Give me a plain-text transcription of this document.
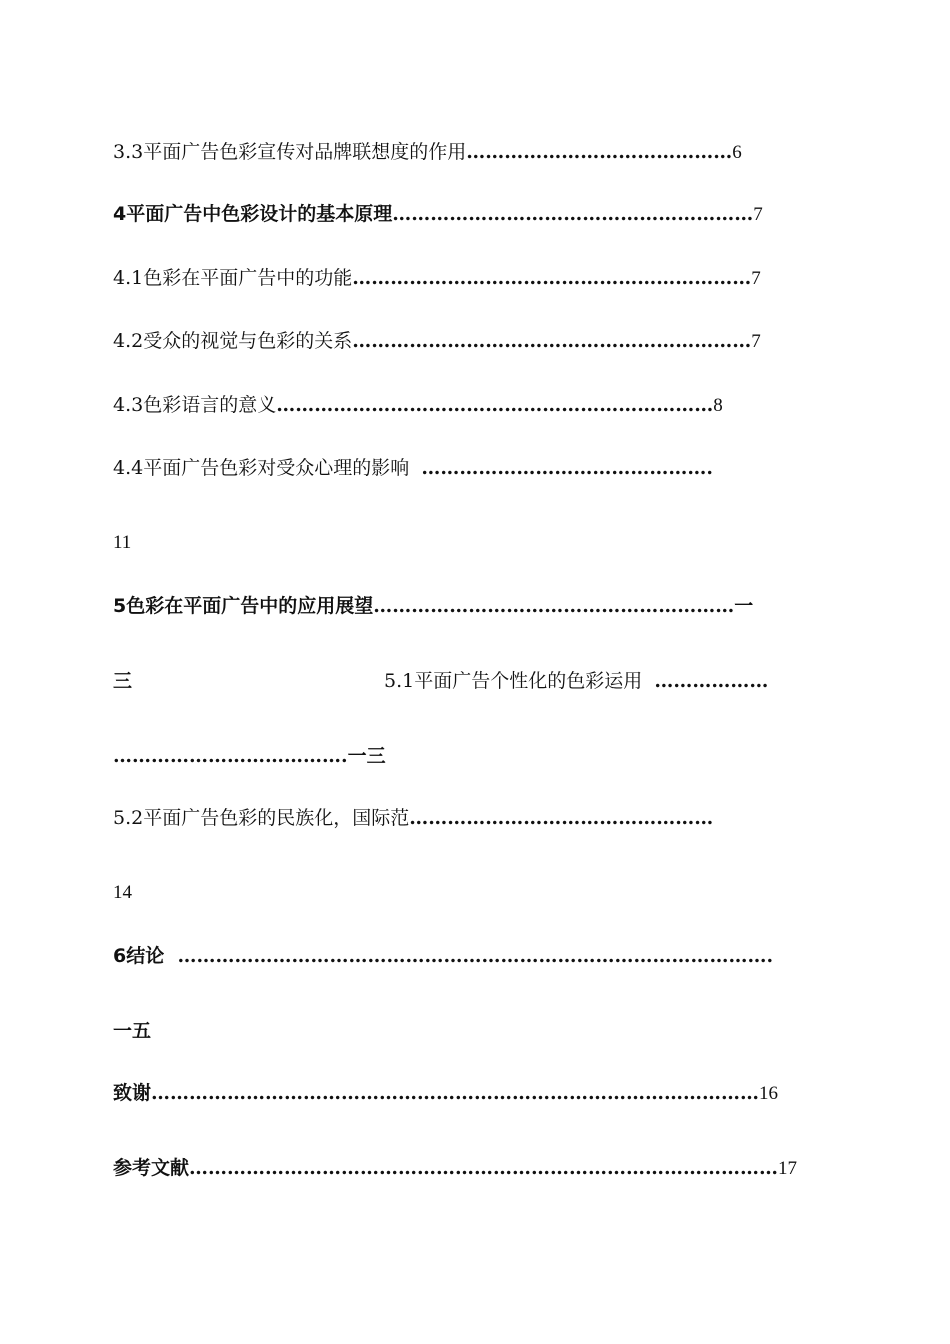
3.3平面广告色彩宣传对品牌联想度的作用……………………………………6
4平面广告中色彩设计的基本原理…………………………………………………7
4.1色彩在平面广告中的功能………………………………………………………7
4.2受众的视觉与色彩的关系………………………………………………………7
4.3色彩语言的意义……………………………………………………………8
4.4平面广告色彩对受众心理的影响 ……………………………………….
11
5色彩在平面广告中的应用展望…………………………………………………一
三	5.1平面广告个性化的色彩运用 ………………
……………………………….一三
5.2平面广告色彩的民族化，国际范…………………………………………
14
6结论 ………………………………………………………………………………….
一五
致谢……………………………………………………………………………………16
参考文献…………………………………………………………………………………17
